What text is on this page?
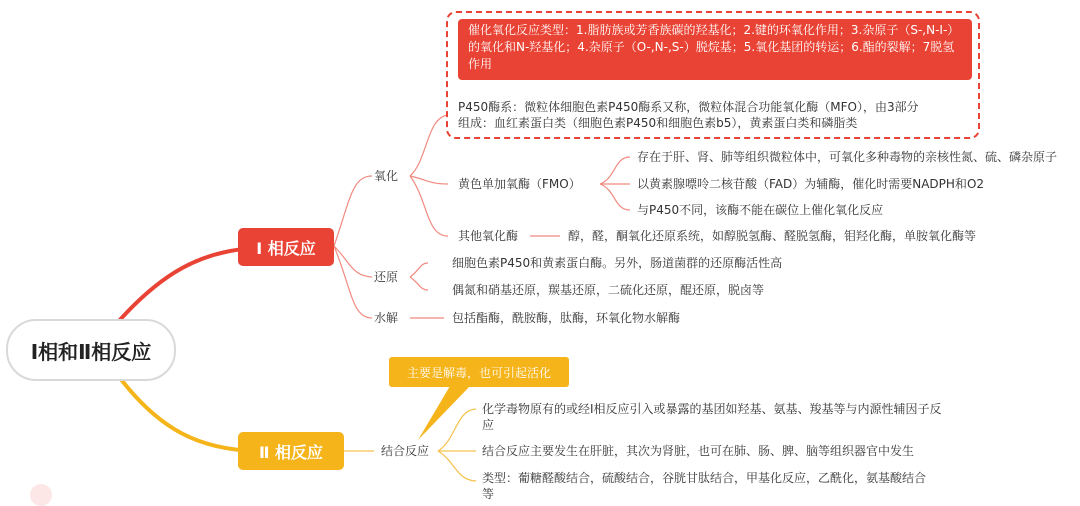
Ⅰ相和Ⅱ相反应
Ⅰ 相反应
Ⅱ 相反应
催化氧化反应类型：1.脂肪族或芳香族碳的羟基化；2.键的环氧化作用；3.杂原子（S-,N-I-）的氧化和N-羟基化；4.杂原子（O-,N-,S-）脱烷基；5.氧化基团的转运；6.酯的裂解；7脱氢作用
P450酶系：微粒体细胞色素P450酶系又称，微粒体混合功能氧化酶（MFO），由3部分组成：血红素蛋白类（细胞色素P450和细胞色素b5），黄素蛋白类和磷脂类
氧化
黄色单加氧酶（FMO）
存在于肝、肾、肺等组织微粒体中，可氧化多种毒物的亲核性氮、硫、磷杂原子
以黄素腺嘌呤二核苷酸（FAD）为辅酶，催化时需要NADPH和O2
与P450不同，该酶不能在碳位上催化氧化反应
其他氧化酶	醇，醛，酮氧化还原系统，如醇脱氢酶、醛脱氢酶，钼羟化酶，单胺氧化酶等
还原
细胞色素P450和黄素蛋白酶。另外，肠道菌群的还原酶活性高
偶氮和硝基还原，羰基还原，二硫化还原，醌还原，脱卤等
水解	包括酯酶，酰胺酶，肽酶，环氧化物水解酶
主要是解毒，也可引起活化
结合反应
化学毒物原有的或经Ⅰ相反应引入或暴露的基团如羟基、氨基、羧基等与内源性辅因子反应
结合反应主要发生在肝脏，其次为肾脏，也可在肺、肠、脾、脑等组织器官中发生
类型：葡糖醛酸结合，硫酸结合，谷胱甘肽结合，甲基化反应，乙酰化，氨基酸结合等
